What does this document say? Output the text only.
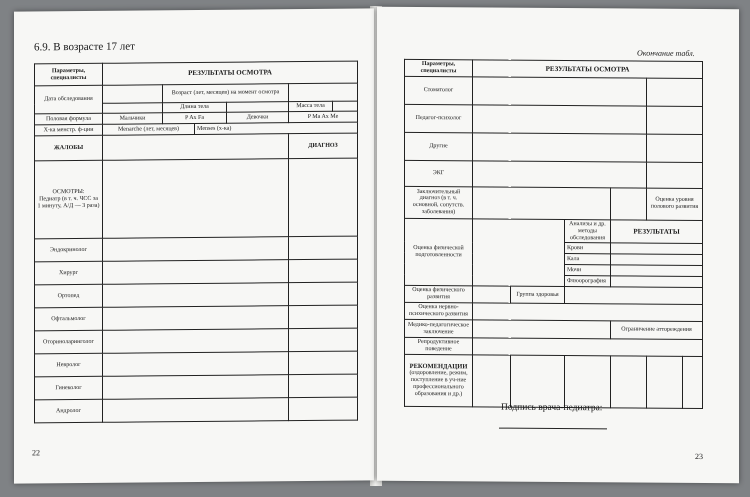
6.9. В возрасте 17 лет
Параметры, специалисты	РЕЗУЛЬТАТЫ ОСМОТРА					
Дата обследования		Возраст (лет, месяцев) на момент осмотра				
		Длина тела			Масса тела	
Половая формула	Мальчики	P Ax Fa		Девочки	P Ma Ax Me	
Х-ка менстр. ф-ции	Menarche (лет, месяцев)		Menses (х-ка)			
ЖАЛОБЫ					ДИАГНОЗ	
ОСМОТРЫ:
Педиатр (в т. ч. ЧСС за 1 минуту, А/Д — 3 раза)						
Эндокринолог						
Хирург						
Ортопед						
Офтальмолог						
Оториноларинголог						
Невролог						
Гинеколог						
Андролог						
22
Окончание табл.
Параметры, специалисты	РЕЗУЛЬТАТЫ ОСМОТРА					
Стоматолог						
Педагог-психолог						
Другие						
ЭКГ						
Заключительный диагноз (в т. ч. основной, сопутств. заболевания)					Оценка уровня полового развития	
Оценка физической подготовленности			Анализы и др. методы обследования	РЕЗУЛЬТАТЫ		
			Крови			
			Кала			
			Мочи			
			Флюорография			
Оценка физического развития		Группа здоровья				
Оценка нервно-психического развития						
Медико-педагогическое заключение				Ограничение аттореждения		
Репродуктивное поведение						
РЕКОМЕНДАЦИИ
(оздоровление, режим, поступление в уч-ние профессионального образования и др.)						
Подпись врача-педиатра:
23
